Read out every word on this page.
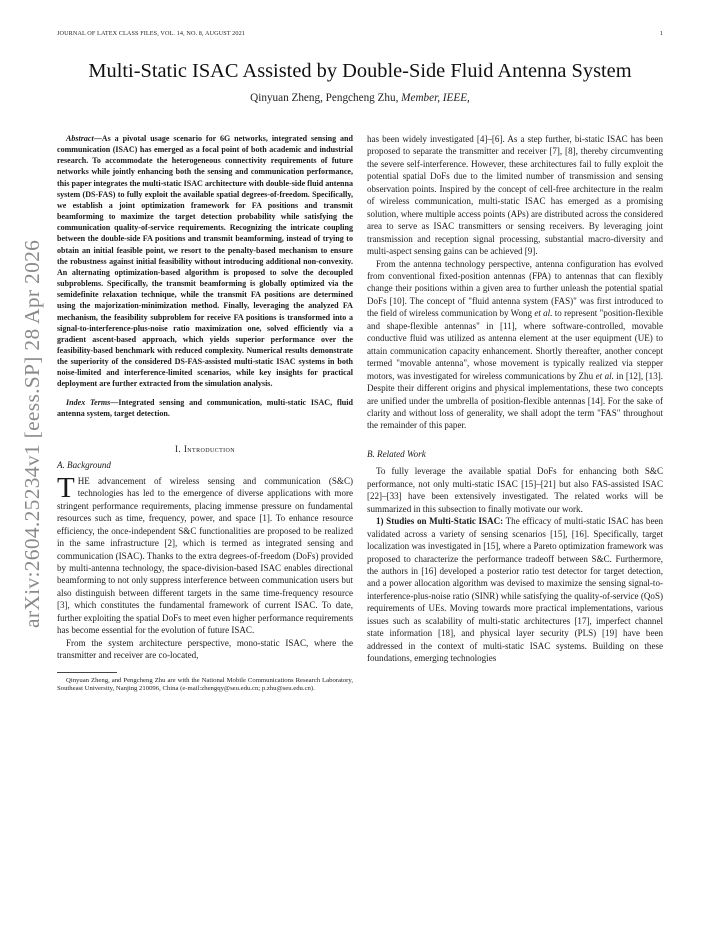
JOURNAL OF LATEX CLASS FILES, VOL. 14, NO. 8, AUGUST 2021	1
arXiv:2604.25234v1 [eess.SP] 28 Apr 2026
Multi-Static ISAC Assisted by Double-Side Fluid Antenna System
Qinyuan Zheng, Pengcheng Zhu, Member, IEEE,

Abstract—As a pivotal usage scenario for 6G networks, integrated sensing and communication (ISAC) has emerged as a focal point of both academic and industrial research. To accommodate the heterogeneous connectivity requirements of future networks while jointly enhancing both the sensing and communication performance, this paper integrates the multi-static ISAC architecture with double-side fluid antenna system (DS-FAS) to fully exploit the available spatial degrees-of-freedom. Specifically, we establish a joint optimization framework for FA positions and transmit beamforming to maximize the target detection probability while satisfying the communication quality-of-service requirements. Recognizing the intricate coupling between the double-side FA positions and transmit beamforming, instead of trying to obtain an initial feasible point, we resort to the penalty-based mechanism to ensure the robustness against initial feasibility without introducing additional non-convexity. An alternating optimization-based algorithm is proposed to solve the decoupled subproblems. Specifically, the transmit beamforming is globally optimized via the semidefinite relaxation technique, while the transmit FA positions are determined using the majorization-minimization method. Finally, leveraging the analyzed FA mechanism, the feasibility subproblem for receive FA positions is transformed into a signal-to-interference-plus-noise ratio maximization one, solved efficiently via a gradient ascent-based approach, which yields superior performance over the feasibility-based benchmark with reduced complexity. Numerical results demonstrate the superiority of the considered DS-FAS-assisted multi-static ISAC systems in both noise-limited and interference-limited scenarios, while key insights for practical deployment are further extracted from the simulation analysis.

Index Terms—Integrated sensing and communication, multi-static ISAC, fluid antenna system, target detection.

I. Introduction
A. Background

THE advancement of wireless sensing and communication (S&C) technologies has led to the emergence of diverse applications with more stringent performance requirements, placing immense pressure on fundamental resources such as time, frequency, power, and space [1]. To enhance resource efficiency, the once-independent S&C functionalities are proposed to be realized in the same infrastructure [2], which is termed as integrated sensing and communication (ISAC). Thanks to the extra degrees-of-freedom (DoFs) provided by multi-antenna technology, the space-division-based ISAC enables directional beamforming to not only suppress interference between communication users but also distinguish between different targets in the same time-frequency resource [3], which constitutes the fundamental framework of current ISAC. To date, further exploiting the spatial DoFs to meet even higher performance requirements has become essential for the evolution of future ISAC.

From the system architecture perspective, mono-static ISAC, where the transmitter and receiver are co-located,

Qinyuan Zheng, and Pengcheng Zhu are with the National Mobile Communications Research Laboratory, Southeast University, Nanjing 210096, China (e-mail:zhengqy@seu.edu.cn; p.zhu@seu.edu.cn).

has been widely investigated [4]–[6]. As a step further, bi-static ISAC has been proposed to separate the transmitter and receiver [7], [8], thereby circumventing the severe self-interference. However, these architectures fail to fully exploit the potential spatial DoFs due to the limited number of transmission and sensing observation points. Inspired by the concept of cell-free architecture in the realm of wireless communication, multi-static ISAC has emerged as a promising solution, where multiple access points (APs) are distributed across the considered area to serve as ISAC transmitters or sensing receivers. By leveraging joint transmission and reception signal processing, substantial macro-diversity and multi-aspect sensing gains can be achieved [9].

From the antenna technology perspective, antenna configuration has evolved from conventional fixed-position antennas (FPA) to antennas that can flexibly change their positions within a given area to further unleash the potential spatial DoFs [10]. The concept of "fluid antenna system (FAS)" was first introduced to the field of wireless communication by Wong et al. to represent "position-flexible and shape-flexible antennas" in [11], where software-controlled, movable conductive fluid was utilized as antenna element at the user equipment (UE) to attain communication capacity enhancement. Shortly thereafter, another concept termed "movable antenna", whose movement is typically realized via stepper motors, was investigated for wireless communications by Zhu et al. in [12], [13]. Despite their different origins and physical implementations, these two concepts are unified under the umbrella of position-flexible antennas [14]. For the sake of clarity and without loss of generality, we shall adopt the term "FAS" throughout the remainder of this paper.

B. Related Work

To fully leverage the available spatial DoFs for enhancing both S&C performance, not only multi-static ISAC [15]–[21] but also FAS-assisted ISAC [22]–[33] have been extensively investigated. The related works will be summarized in this subsection to finally motivate our work.

1) Studies on Multi-Static ISAC: The efficacy of multi-static ISAC has been validated across a variety of sensing scenarios [15], [16]. Specifically, target localization was investigated in [15], where a Pareto optimization framework was proposed to characterize the performance tradeoff between S&C. Furthermore, the authors in [16] developed a posterior ratio test detector for target detection, and a power allocation algorithm was devised to maximize the sensing signal-to-interference-plus-noise ratio (SINR) while satisfying the quality-of-service (QoS) requirements of UEs. Moving towards more practical implementations, various issues such as scalability of multi-static architectures [17], imperfect channel state information [18], and physical layer security (PLS) [19] have been addressed in the context of multi-static ISAC systems. Building on these foundations, emerging technologies
